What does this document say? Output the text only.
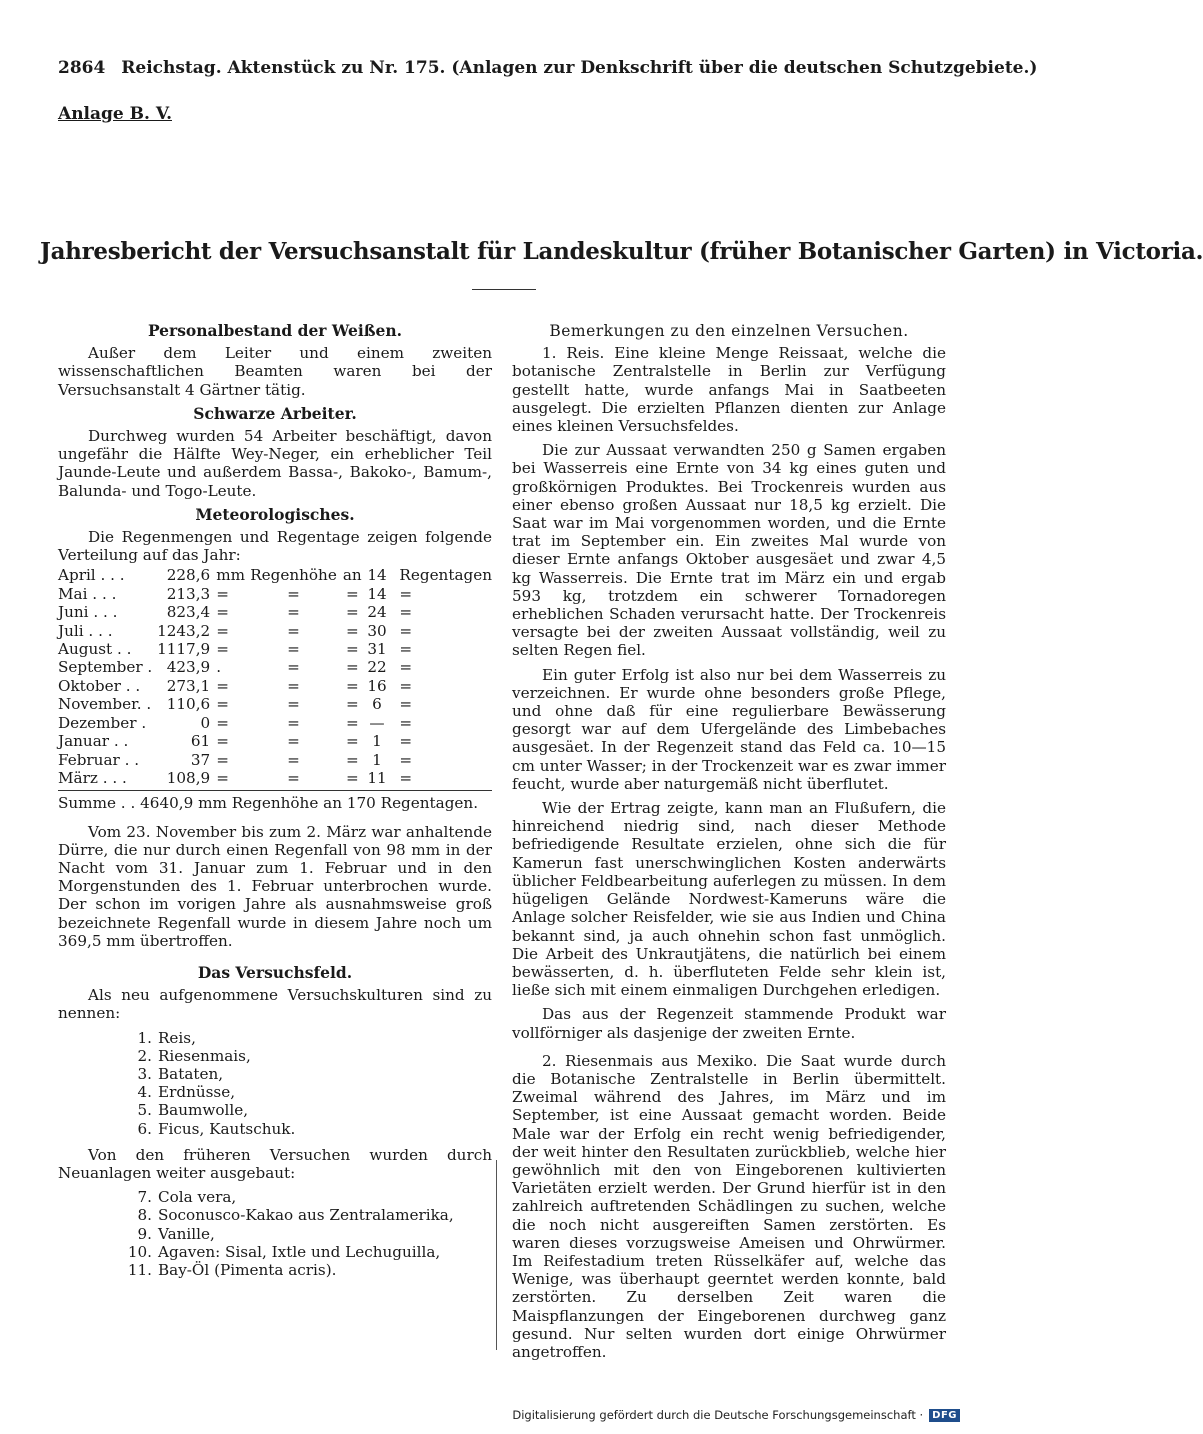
2864 Reichstag. Aktenstück zu Nr. 175. (Anlagen zur Denkschrift über die deutschen Schutzgebiete.)
Anlage B. V.
Jahresbericht der Versuchsanstalt für Landeskultur (früher Botanischer Garten) in Victoria.
Personalbestand der Weißen.

Außer dem Leiter und einem zweiten wissenschaftlichen Beamten waren bei der Versuchsanstalt 4 Gärtner tätig.

Schwarze Arbeiter.

Durchweg wurden 54 Arbeiter beschäftigt, davon ungefähr die Hälfte Wey-Neger, ein erheblicher Teil Jaunde-Leute und außerdem Bassa-, Bakoko-, Bamum-, Balunda- und Togo-Leute.

Meteorologisches.

Die Regenmengen und Regentage zeigen folgende Verteilung auf das Jahr:

April . . .	228,6	mm	Regenhöhe	an	14	Regentagen
Mai . . .	213,3	=	=	=	14	=
Juni . . .	823,4	=	=	=	24	=
Juli . . .	1243,2	=	=	=	30	=
August . .	1117,9	=	=	=	31	=
September .	423,9	.	=	=	22	=
Oktober . .	273,1	=	=	=	16	=
November. .	110,6	=	=	=	6	=
Dezember .	0	=	=	=	—	=
Januar . .	61	=	=	=	1	=
Februar . .	37	=	=	=	1	=
März . . .	108,9	=	=	=	11	=

Summe . . 4640,9 mm Regenhöhe an 170 Regentagen.

Vom 23. November bis zum 2. März war anhaltende Dürre, die nur durch einen Regenfall von 98 mm in der Nacht vom 31. Januar zum 1. Februar und in den Morgenstunden des 1. Februar unterbrochen wurde. Der schon im vorigen Jahre als ausnahmsweise groß bezeichnete Regenfall wurde in diesem Jahre noch um 369,5 mm übertroffen.

Das Versuchsfeld.

Als neu aufgenommene Versuchskulturen sind zu nennen:

1. Reis,
2. Riesenmais,
3. Bataten,
4. Erdnüsse,
5. Baumwolle,
6. Ficus, Kautschuk.

Von den früheren Versuchen wurden durch Neuanlagen weiter ausgebaut:

7. Cola vera,
8. Soconusco-Kakao aus Zentralamerika,
9. Vanille,
10. Agaven: Sisal, Ixtle und Lechuguilla,
11. Bay-Öl (Pimenta acris).
Bemerkungen zu den einzelnen Versuchen.

1. Reis. Eine kleine Menge Reissaat, welche die botanische Zentralstelle in Berlin zur Verfügung gestellt hatte, wurde anfangs Mai in Saatbeeten ausgelegt. Die erzielten Pflanzen dienten zur Anlage eines kleinen Versuchsfeldes.

Die zur Aussaat verwandten 250 g Samen ergaben bei Wasserreis eine Ernte von 34 kg eines guten und großkörnigen Produktes. Bei Trockenreis wurden aus einer ebenso großen Aussaat nur 18,5 kg erzielt. Die Saat war im Mai vorgenommen worden, und die Ernte trat im September ein. Ein zweites Mal wurde von dieser Ernte anfangs Oktober ausgesäet und zwar 4,5 kg Wasserreis. Die Ernte trat im März ein und ergab 593 kg, trotzdem ein schwerer Tornadoregen erheblichen Schaden verursacht hatte. Der Trockenreis versagte bei der zweiten Aussaat vollständig, weil zu selten Regen fiel.

Ein guter Erfolg ist also nur bei dem Wasserreis zu verzeichnen. Er wurde ohne besonders große Pflege, und ohne daß für eine regulierbare Bewässerung gesorgt war auf dem Ufergelände des Limbebaches ausgesäet. In der Regenzeit stand das Feld ca. 10—15 cm unter Wasser; in der Trockenzeit war es zwar immer feucht, wurde aber naturgemäß nicht überflutet.

Wie der Ertrag zeigte, kann man an Flußufern, die hinreichend niedrig sind, nach dieser Methode befriedigende Resultate erzielen, ohne sich die für Kamerun fast unerschwinglichen Kosten anderwärts üblicher Feldbearbeitung auferlegen zu müssen. In dem hügeligen Gelände Nordwest-Kameruns wäre die Anlage solcher Reisfelder, wie sie aus Indien und China bekannt sind, ja auch ohnehin schon fast unmöglich. Die Arbeit des Unkrautjätens, die natürlich bei einem bewässerten, d. h. überfluteten Felde sehr klein ist, ließe sich mit einem einmaligen Durchgehen erledigen.

Das aus der Regenzeit stammende Produkt war vollförniger als dasjenige der zweiten Ernte.

2. Riesenmais aus Mexiko. Die Saat wurde durch die Botanische Zentralstelle in Berlin übermittelt. Zweimal während des Jahres, im März und im September, ist eine Aussaat gemacht worden. Beide Male war der Erfolg ein recht wenig befriedigender, der weit hinter den Resultaten zurückblieb, welche hier gewöhnlich mit den von Eingeborenen kultivierten Varietäten erzielt werden. Der Grund hierfür ist in den zahlreich auftretenden Schädlingen zu suchen, welche die noch nicht ausgereiften Samen zerstörten. Es waren dieses vorzugsweise Ameisen und Ohrwürmer. Im Reifestadium treten Rüsselkäfer auf, welche das Wenige, was überhaupt geerntet werden konnte, bald zerstörten. Zu derselben Zeit waren die Maispflanzungen der Eingeborenen durchweg ganz gesund. Nur selten wurden dort einige Ohrwürmer angetroffen.

Digitalisierung gefördert durch die Deutsche Forschungsgemeinschaft · DFG
